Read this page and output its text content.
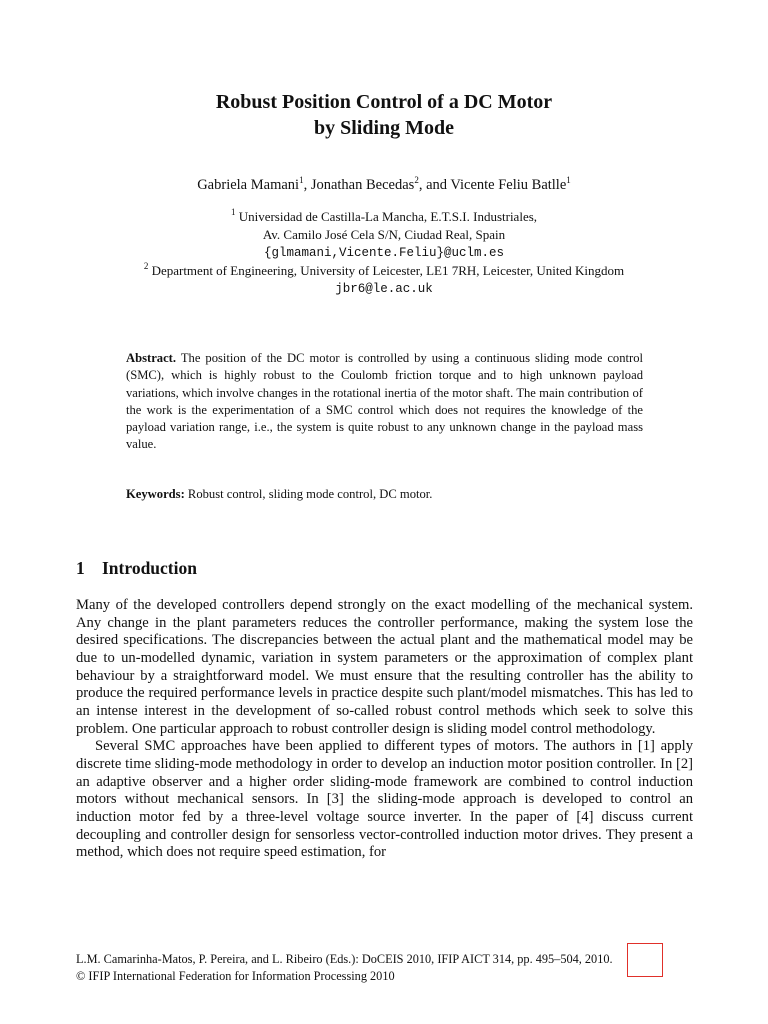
Robust Position Control of a DC Motor
by Sliding Mode
Gabriela Mamani$^1$, Jonathan Becedas$^2$, and Vicente Feliu Batlle$^1$
$^1$ Universidad de Castilla-La Mancha, E.T.S.I. Industriales,
Av. Camilo José Cela S/N, Ciudad Real, Spain
{glmamani,Vicente.Feliu}@uclm.es
$^2$ Department of Engineering, University of Leicester, LE1 7RH, Leicester, United Kingdom
jbr6@le.ac.uk
Abstract. The position of the DC motor is controlled by using a continuous sliding mode control (SMC), which is highly robust to the Coulomb friction torque and to high unknown payload variations, which involve changes in the rotational inertia of the motor shaft. The main contribution of the work is the experimentation of a SMC control which does not requires the knowledge of the payload variation range, i.e., the system is quite robust to any unknown change in the payload mass value.
Keywords: Robust control, sliding mode control, DC motor.
1 Introduction

Many of the developed controllers depend strongly on the exact modelling of the mechanical system. Any change in the plant parameters reduces the controller performance, making the system lose the desired specifications. The discrepancies between the actual plant and the mathematical model may be due to un-modelled dynamic, variation in system parameters or the approximation of complex plant behaviour by a straightforward model. We must ensure that the resulting controller has the ability to produce the required performance levels in practice despite such plant/model mismatches. This has led to an intense interest in the development of so-called robust control methods which seek to solve this problem. One particular approach to robust controller design is sliding model control methodology.

Several SMC approaches have been applied to different types of motors. The authors in [1] apply discrete time sliding-mode methodology in order to develop an induction motor position controller. In [2] an adaptive observer and a higher order sliding-mode framework are combined to control induction motors without mechanical sensors. In [3] the sliding-mode approach is developed to control an induction motor fed by a three-level voltage source inverter. In the paper of [4] discuss current decoupling and controller design for sensorless vector-controlled induction motor drives. They present a method, which does not require speed estimation, for

L.M. Camarinha-Matos, P. Pereira, and L. Ribeiro (Eds.): DoCEIS 2010, IFIP AICT 314, pp. 495–504, 2010.
© IFIP International Federation for Information Processing 2010
